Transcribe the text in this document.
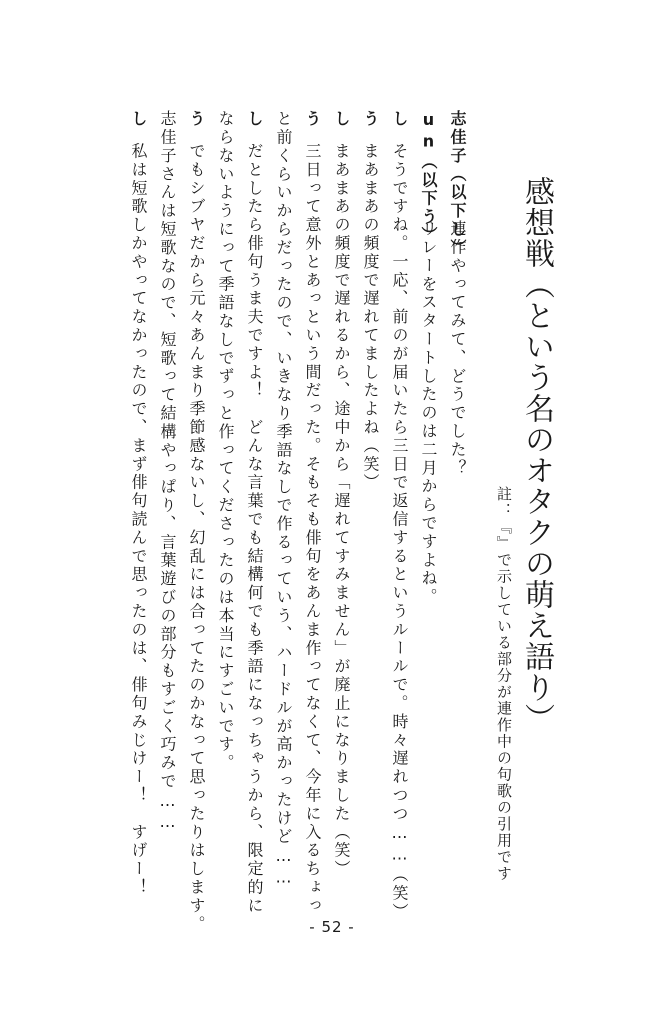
感想戦（という名のオタクの萌え語り）
註：『』で示している部分が連作中の句歌の引用です
志佳子（以下し）連作やってみて、どうでした？
un（以下う）リレーをスタートしたのは二月からですよね。
しそうですね。一応、前のが届いたら三日で返信するというルールで。時々遅れつつ……（笑）
うまあまあの頻度で遅れてましたよね（笑）
しまあまあの頻度で遅れるから、途中から「遅れてすみません」が廃止になりました（笑）
う三日って意外とあっという間だった。そもそも俳句をあんま作ってなくて、今年に入るちょっ
と前くらいからだったので、いきなり季語なしで作るっていう、ハードルが高かったけど……
しだとしたら俳句うま夫ですよ！　どんな言葉でも結構何でも季語になっちゃうから、限定的に
ならないようにって季語なしでずっと作ってくださったのは本当にすごいです。
うでもシブヤだから元々あんまり季節感ないし、幻乱には合ってたのかなって思ったりはします。
志佳子さんは短歌なので、短歌って結構やっぱり、言葉遊びの部分もすごく巧みで……
し私は短歌しかやってなかったので、まず俳句読んで思ったのは、俳句みじけー！　すげー！
- 52 -
